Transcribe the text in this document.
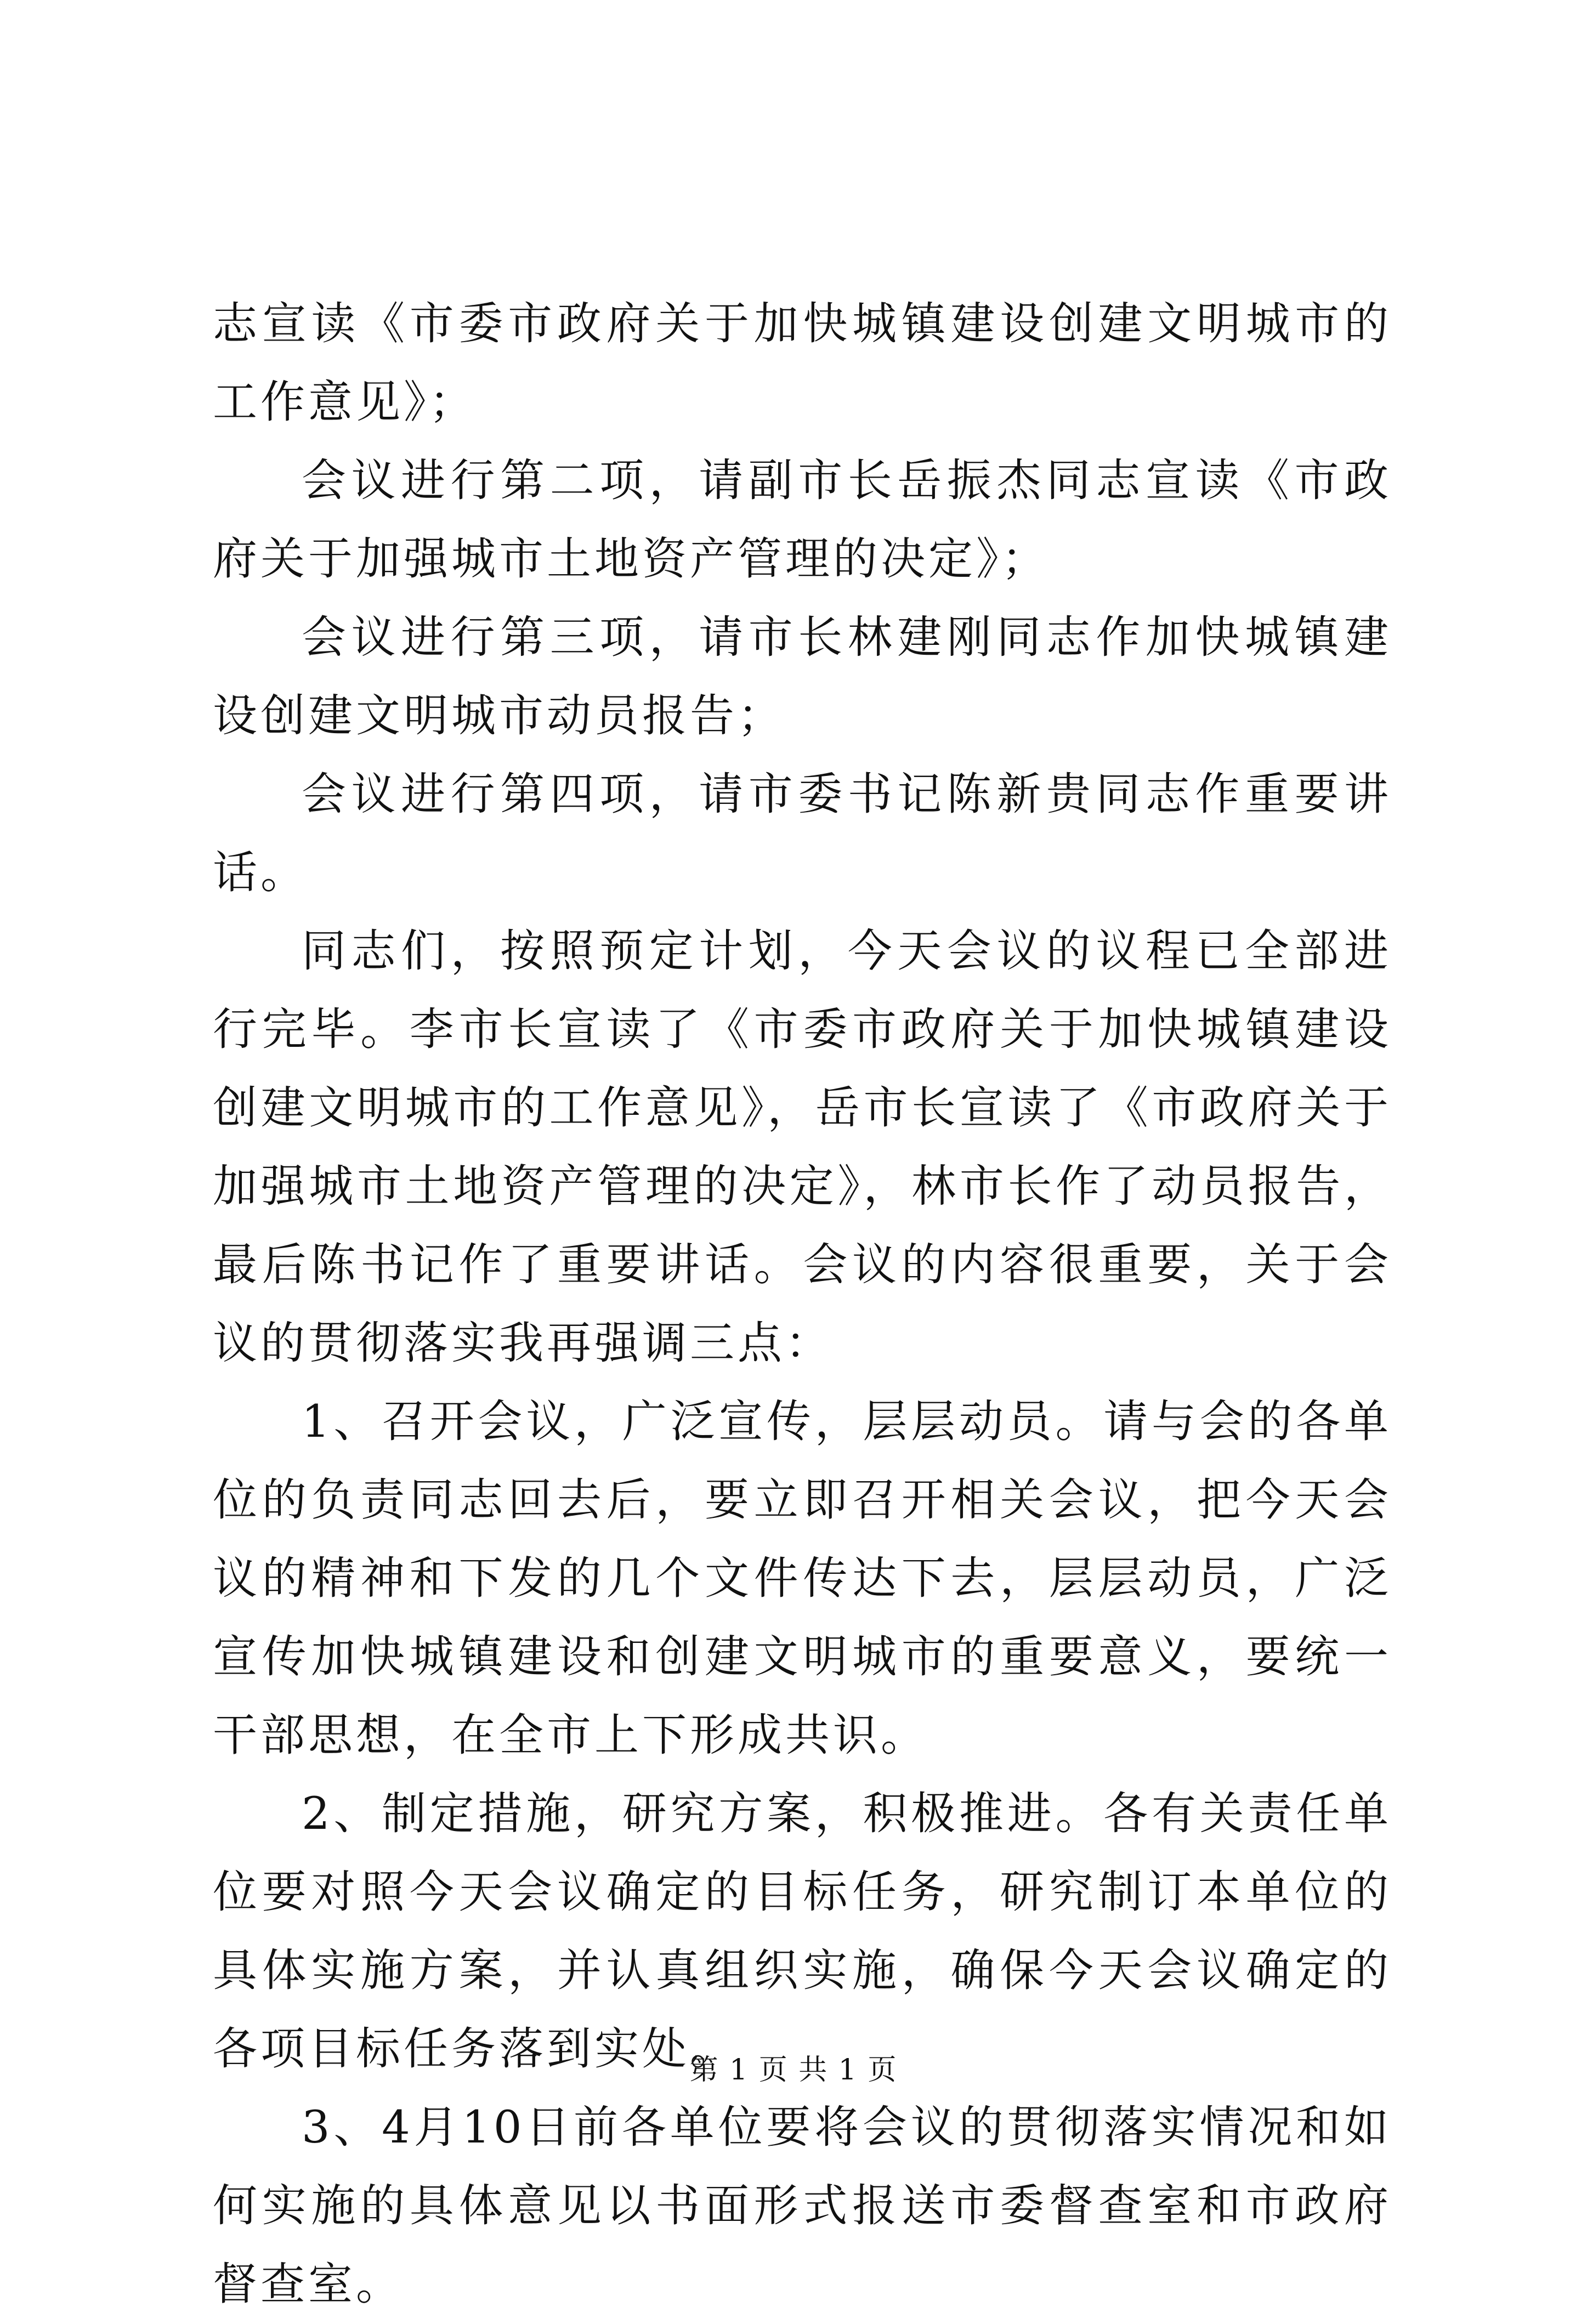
志宣读《市委市政府关于加快城镇建设创建文明城市的工作意见》；

会议进行第二项，请副市长岳振杰同志宣读《市政府关于加强城市土地资产管理的决定》；

会议进行第三项，请市长林建刚同志作加快城镇建设创建文明城市动员报告；

会议进行第四项，请市委书记陈新贵同志作重要讲话。

同志们，按照预定计划，今天会议的议程已全部进行完毕。李市长宣读了《市委市政府关于加快城镇建设创建文明城市的工作意见》，岳市长宣读了《市政府关于加强城市土地资产管理的决定》，林市长作了动员报告，最后陈书记作了重要讲话。会议的内容很重要，关于会议的贯彻落实我再强调三点：

1、召开会议，广泛宣传，层层动员。请与会的各单位的负责同志回去后，要立即召开相关会议，把今天会议的精神和下发的几个文件传达下去，层层动员，广泛宣传加快城镇建设和创建文明城市的重要意义，要统一干部思想，在全市上下形成共识。

2、制定措施，研究方案，积极推进。各有关责任单位要对照今天会议确定的目标任务，研究制订本单位的具体实施方案，并认真组织实施，确保今天会议确定的各项目标任务落到实处。

3、4月10日前各单位要将会议的贯彻落实情况和如何实施的具体意见以书面形式报送市委督查室和市政府督查室。

第 1 页 共 1 页
